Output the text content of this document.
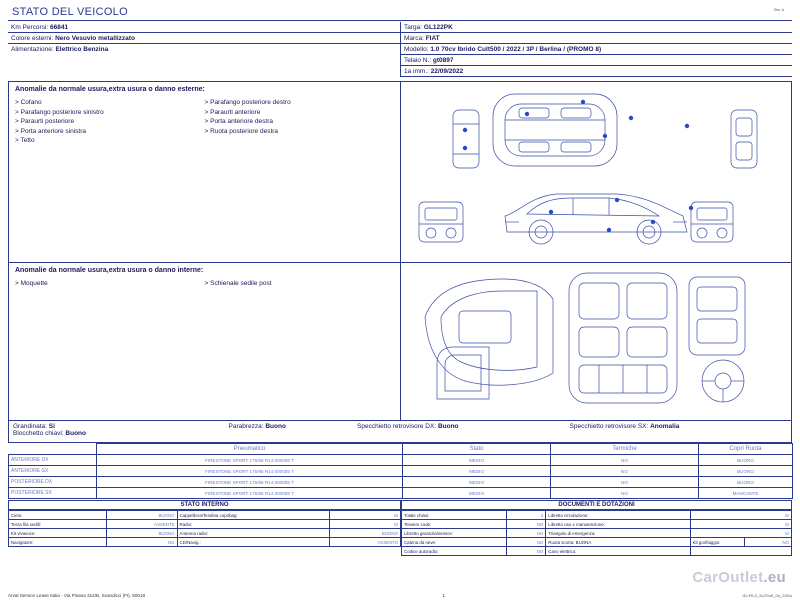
Rev. A
STATO DEL VEICOLO
Km Percorsi: 66841
Colore esterni: Nero Vesuvio metallizzato
Alimentazione: Elettrico Benzina
Targa: GL122PK
Marca: FIAT
Modello: 1.0 70cv Ibrido Cult500 / 2022 / 3P / Berlina / (PROMO 8)
Telaio N.: gt0897
1a imm.: 22/09/2022
Anomalie da normale usura,extra usura o danno esterne:
> Cofano
> Parafango posteriore sinistro
> Paraurti posteriore
> Porta anteriore sinistra
> Tetto
> Parafango posteriore destro
> Paraurti anteriore
> Porta anteriore destra
> Ruota posteriore destra
Anomalie da normale usura,extra usura o danno interne:
> Moquette	> Schienale sedile post
Grandinata: Si	Parabrezza: Buono	Specchietto retrovisore DX: Buono	Specchietto retrovisore SX: Anomalia
Blocchetto chiavi: Buono
	Pneumatico	Stato	Termiche	Copri Ruota
ANTERIORE DX	FIRESTONE SPORT 175/65 R14 000006 T	MEDIO	NO	BUONO
ANTERIORE SX	FIRESTONE SPORT 175/65 R14 000006 T	MEDIO	NO	BUONO
POSTERIORE DX	FIRESTONE SPORT 175/65 R14 000006 T	MEDIO	NO	BUONO
POSTERIORE SX	FIRESTONE SPORT 175/65 R14 000006 T	MEDIO	NO	MANCANTE
STATO INTERNO
Cielo:	BUONO	Cappelliera/Tendina copribag:	SI
Terza fila sedili:	ASSENTE	Radio:	SI
Kit vivavoce:	BUONO	Antenna radio:	BUONO
Navigatore:	NO	CD/Navig.:	ASSENTE
DOCUMENTI E DOTAZIONI
Totale chiavi:	2	Libretto circolazione:	SI	
Tessere code:	NO	Libretto uso e manutenzione:	SI	
Libretto garanzia/service:	NO	Triangolo di emergenza:	SI	
Catena da neve:	NO	Ruota scorta: BUONA	Kit gonfiaggio:	NO
Codice autoradio:	NO	Cavo elettrico:		
CarOutlet.eu
Arval Service Lease Italia - Via Pisana 314/B, Scandicci (FI), 50018	1	ID=FIL0_2u2Gu6_0u_2G0u
